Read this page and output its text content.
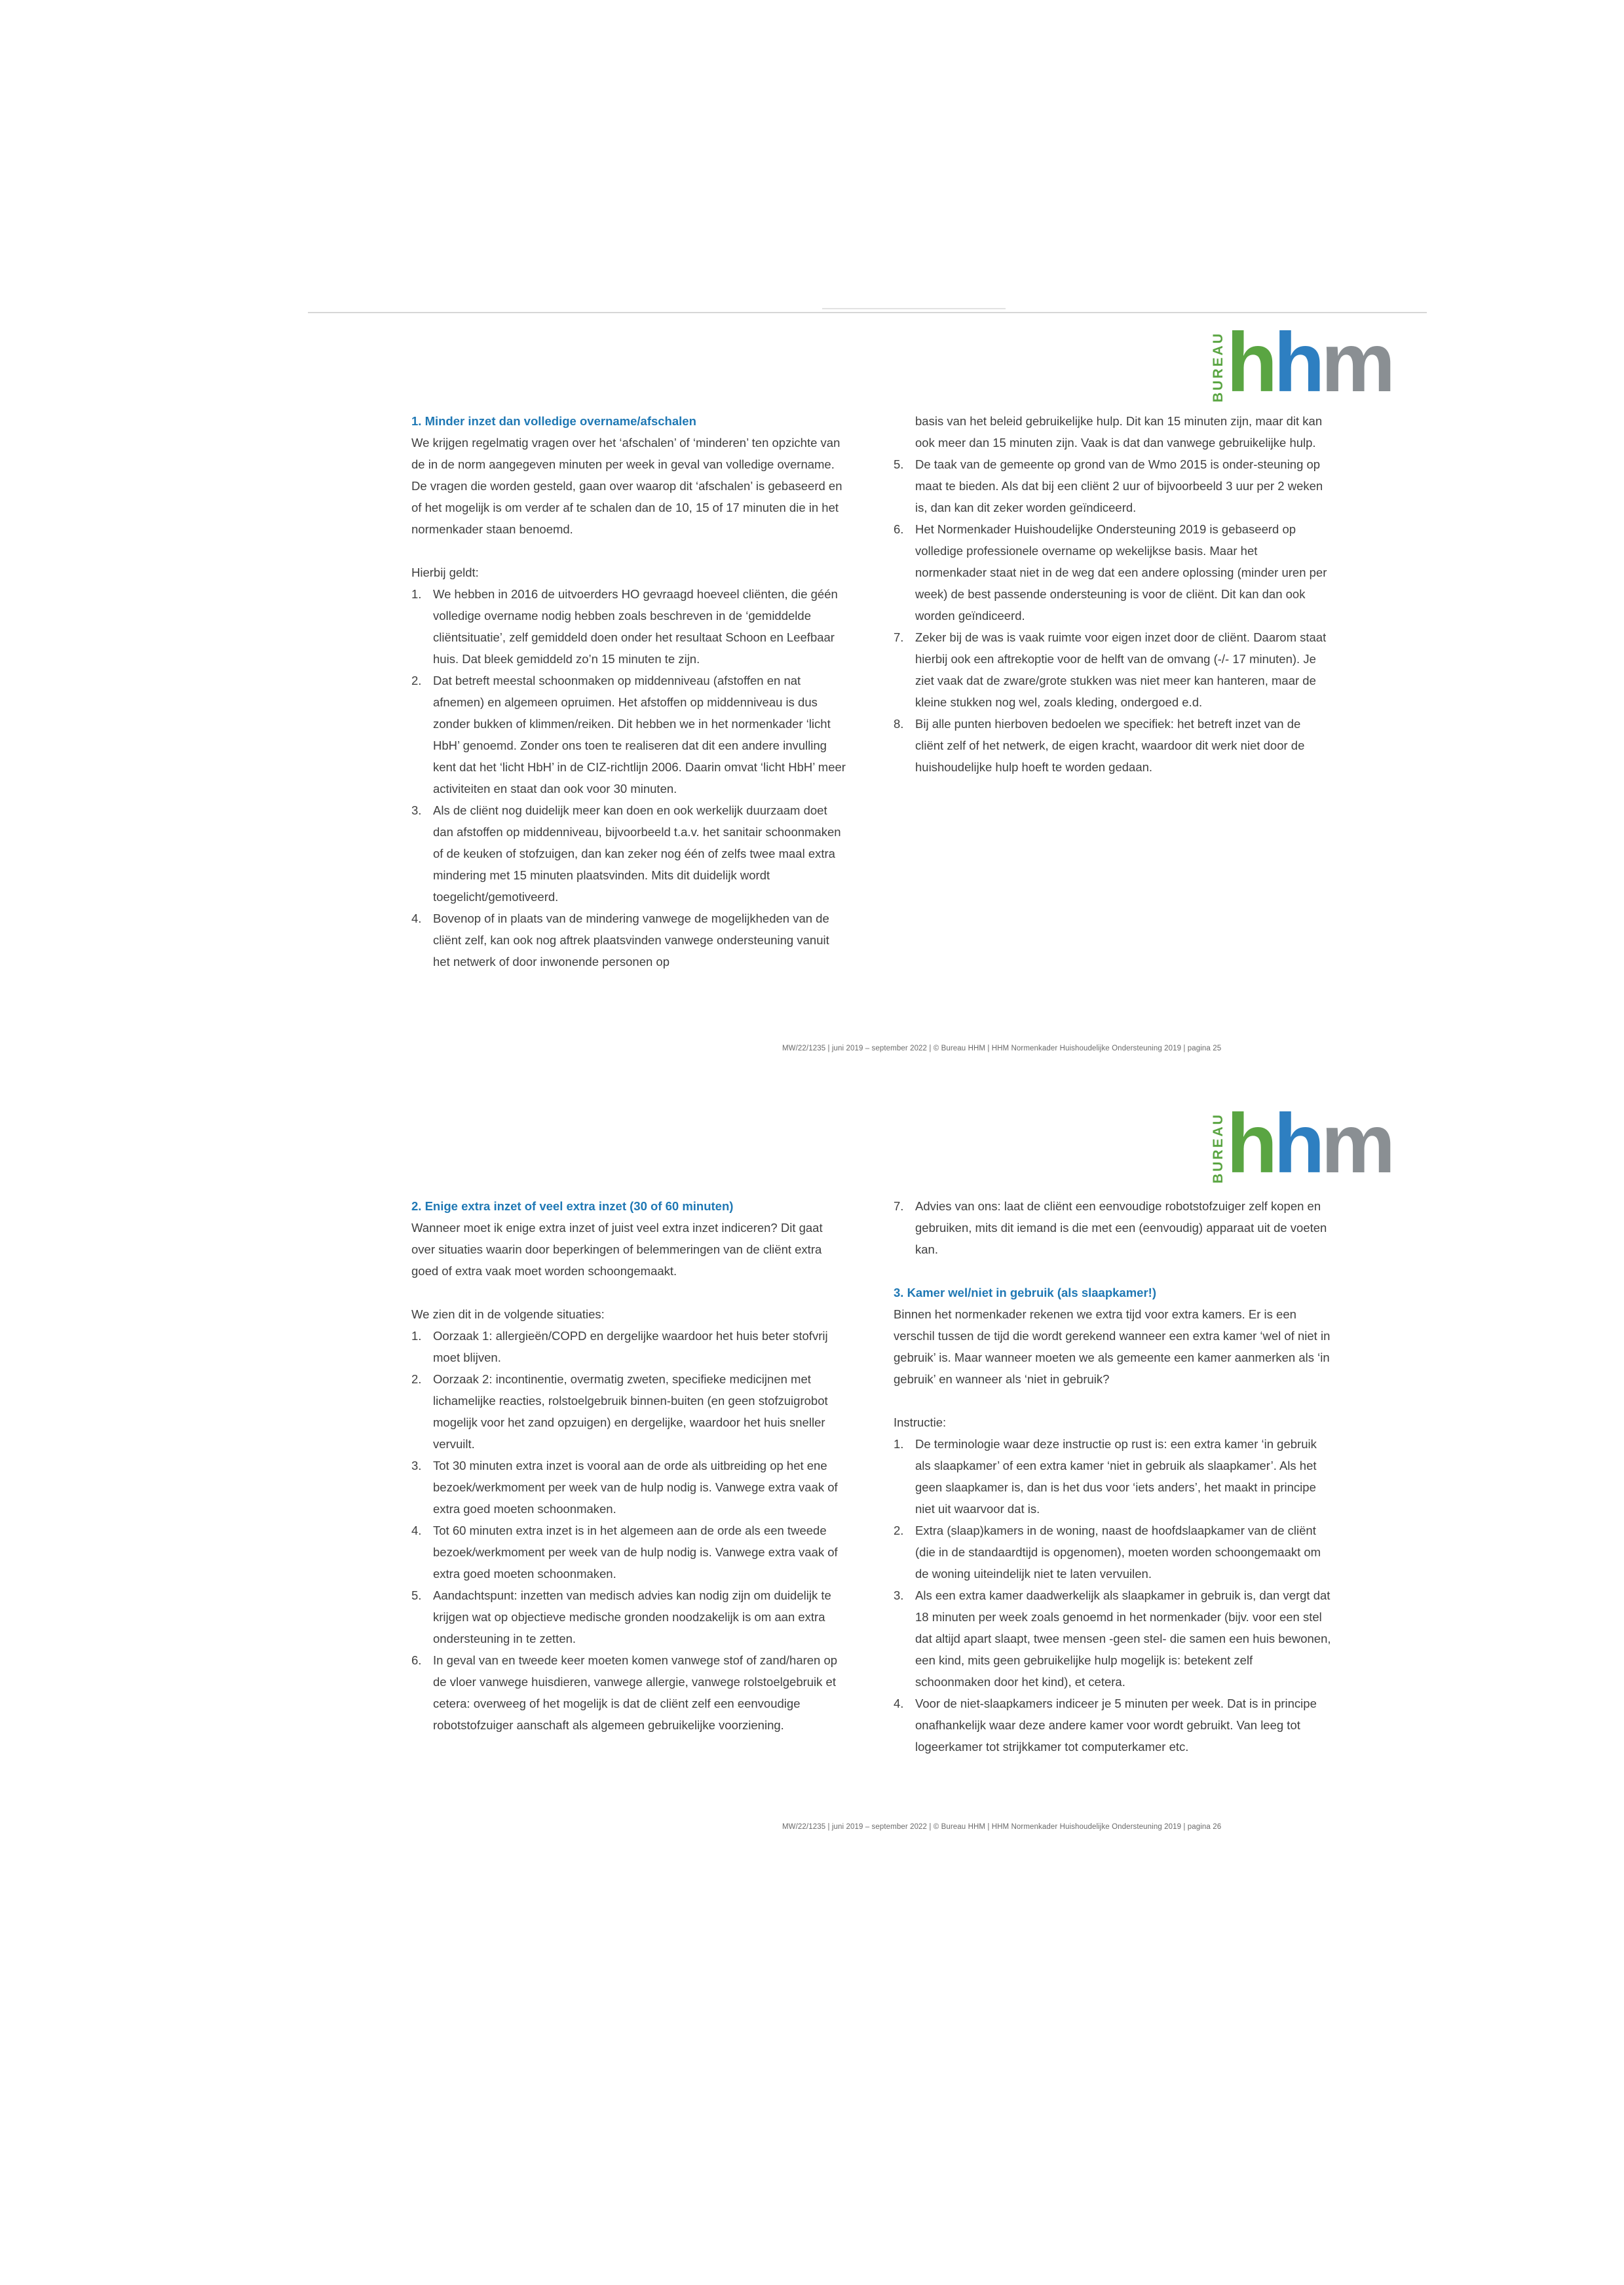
BUREAU hhm

1. Minder inzet dan volledige overname/afschalen

We krijgen regelmatig vragen over het ‘afschalen’ of ‘minderen’ ten opzichte van de in de norm aangegeven minuten per week in geval van volledige overname. De vragen die worden gesteld, gaan over waarop dit ‘afschalen’ is gebaseerd en of het mogelijk is om verder af te schalen dan de 10, 15 of 17 minuten die in het normenkader staan benoemd.

Hierbij geldt:

1. We hebben in 2016 de uitvoerders HO gevraagd hoeveel cliënten, die géén volledige overname nodig hebben zoals beschreven in de ‘gemiddelde cliëntsituatie’, zelf gemiddeld doen onder het resultaat Schoon en Leefbaar huis. Dat bleek gemiddeld zo’n 15 minuten te zijn.
2. Dat betreft meestal schoonmaken op middenniveau (afstoffen en nat afnemen) en algemeen opruimen. Het afstoffen op middenniveau is dus zonder bukken of klimmen/reiken. Dit hebben we in het normenkader ‘licht HbH’ genoemd. Zonder ons toen te realiseren dat dit een andere invulling kent dat het ‘licht HbH’ in de CIZ-richtlijn 2006. Daarin omvat ‘licht HbH’ meer activiteiten en staat dan ook voor 30 minuten.
3. Als de cliënt nog duidelijk meer kan doen en ook werkelijk duurzaam doet dan afstoffen op middenniveau, bijvoorbeeld t.a.v. het sanitair schoonmaken of de keuken of stofzuigen, dan kan zeker nog één of zelfs twee maal extra mindering met 15 minuten plaatsvinden. Mits dit duidelijk wordt toegelicht/gemotiveerd.
4. Bovenop of in plaats van de mindering vanwege de mogelijkheden van de cliënt zelf, kan ook nog aftrek plaatsvinden vanwege ondersteuning vanuit het netwerk of door inwonende personen op
basis van het beleid gebruikelijke hulp. Dit kan 15 minuten zijn, maar dit kan ook meer dan 15 minuten zijn. Vaak is dat dan vanwege gebruikelijke hulp.
5. De taak van de gemeente op grond van de Wmo 2015 is onder-steuning op maat te bieden. Als dat bij een cliënt 2 uur of bijvoorbeeld 3 uur per 2 weken is, dan kan dit zeker worden geïndiceerd.
6. Het Normenkader Huishoudelijke Ondersteuning 2019 is gebaseerd op volledige professionele overname op wekelijkse basis. Maar het normenkader staat niet in de weg dat een andere oplossing (minder uren per week) de best passende ondersteuning is voor de cliënt. Dit kan dan ook worden geïndiceerd.
7. Zeker bij de was is vaak ruimte voor eigen inzet door de cliënt. Daarom staat hierbij ook een aftrekoptie voor de helft van de omvang (-/- 17 minuten). Je ziet vaak dat de zware/grote stukken was niet meer kan hanteren, maar de kleine stukken nog wel, zoals kleding, ondergoed e.d.
8. Bij alle punten hierboven bedoelen we specifiek: het betreft inzet van de cliënt zelf of het netwerk, de eigen kracht, waardoor dit werk niet door de huishoudelijke hulp hoeft te worden gedaan.
MW/22/1235 | juni 2019 – september 2022 | © Bureau HHM | HHM Normenkader Huishoudelijke Ondersteuning 2019 | pagina 25
BUREAU hhm

2. Enige extra inzet of veel extra inzet (30 of 60 minuten)

Wanneer moet ik enige extra inzet of juist veel extra inzet indiceren? Dit gaat over situaties waarin door beperkingen of belemmeringen van de cliënt extra goed of extra vaak moet worden schoongemaakt.

We zien dit in de volgende situaties:

1. Oorzaak 1: allergieën/COPD en dergelijke waardoor het huis beter stofvrij moet blijven.
2. Oorzaak 2: incontinentie, overmatig zweten, specifieke medicijnen met lichamelijke reacties, rolstoelgebruik binnen-buiten (en geen stofzuigrobot mogelijk voor het zand opzuigen) en dergelijke, waardoor het huis sneller vervuilt.
3. Tot 30 minuten extra inzet is vooral aan de orde als uitbreiding op het ene bezoek/werkmoment per week van de hulp nodig is. Vanwege extra vaak of extra goed moeten schoonmaken.
4. Tot 60 minuten extra inzet is in het algemeen aan de orde als een tweede bezoek/werkmoment per week van de hulp nodig is. Vanwege extra vaak of extra goed moeten schoonmaken.
5. Aandachtspunt: inzetten van medisch advies kan nodig zijn om duidelijk te krijgen wat op objectieve medische gronden noodzakelijk is om aan extra ondersteuning in te zetten.
6. In geval van en tweede keer moeten komen vanwege stof of zand/haren op de vloer vanwege huisdieren, vanwege allergie, vanwege rolstoelgebruik et cetera: overweeg of het mogelijk is dat de cliënt zelf een eenvoudige robotstofzuiger aanschaft als algemeen gebruikelijke voorziening.
7. Advies van ons: laat de cliënt een eenvoudige robotstofzuiger zelf kopen en gebruiken, mits dit iemand is die met een (eenvoudig) apparaat uit de voeten kan.

3. Kamer wel/niet in gebruik (als slaapkamer!)

Binnen het normenkader rekenen we extra tijd voor extra kamers. Er is een verschil tussen de tijd die wordt gerekend wanneer een extra kamer ‘wel of niet in gebruik’ is. Maar wanneer moeten we als gemeente een kamer aanmerken als ‘in gebruik’ en wanneer als ‘niet in gebruik?

Instructie:

1. De terminologie waar deze instructie op rust is: een extra kamer ‘in gebruik als slaapkamer’ of een extra kamer ‘niet in gebruik als slaapkamer’. Als het geen slaapkamer is, dan is het dus voor ‘iets anders’, het maakt in principe niet uit waarvoor dat is.
2. Extra (slaap)kamers in de woning, naast de hoofdslaapkamer van de cliënt (die in de standaardtijd is opgenomen), moeten worden schoongemaakt om de woning uiteindelijk niet te laten vervuilen.
3. Als een extra kamer daadwerkelijk als slaapkamer in gebruik is, dan vergt dat 18 minuten per week zoals genoemd in het normenkader (bijv. voor een stel dat altijd apart slaapt, twee mensen -geen stel- die samen een huis bewonen, een kind, mits geen gebruikelijke hulp mogelijk is: betekent zelf schoonmaken door het kind), et cetera.
4. Voor de niet-slaapkamers indiceer je 5 minuten per week. Dat is in principe onafhankelijk waar deze andere kamer voor wordt gebruikt. Van leeg tot logeerkamer tot strijkkamer tot computerkamer etc.
MW/22/1235 | juni 2019 – september 2022 | © Bureau HHM | HHM Normenkader Huishoudelijke Ondersteuning 2019 | pagina 26
